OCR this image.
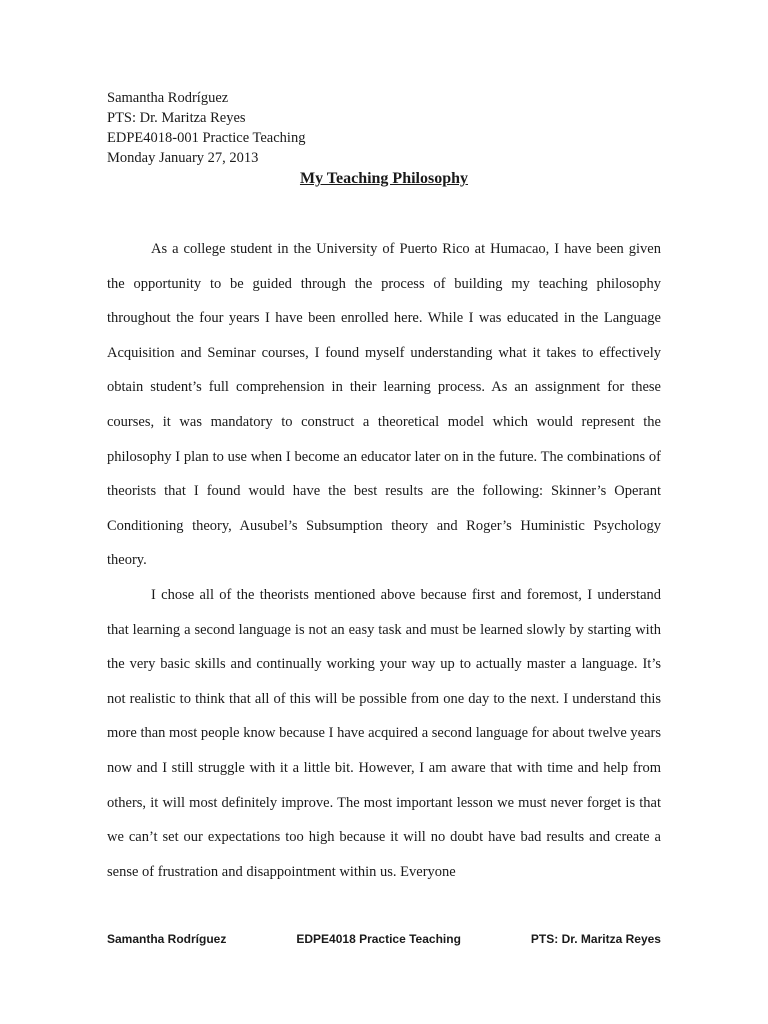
Samantha Rodríguez
PTS: Dr. Maritza Reyes
EDPE4018-001 Practice Teaching
Monday January 27, 2013
My Teaching Philosophy

As a college student in the University of Puerto Rico at Humacao, I have been given the opportunity to be guided through the process of building my teaching philosophy throughout the four years I have been enrolled here. While I was educated in the Language Acquisition and Seminar courses, I found myself understanding what it takes to effectively obtain student’s full comprehension in their learning process. As an assignment for these courses, it was mandatory to construct a theoretical model which would represent the philosophy I plan to use when I become an educator later on in the future. The combinations of theorists that I found would have the best results are the following: Skinner’s Operant Conditioning theory, Ausubel’s Subsumption theory and Roger’s Huministic Psychology theory.

I chose all of the theorists mentioned above because first and foremost, I understand that learning a second language is not an easy task and must be learned slowly by starting with the very basic skills and continually working your way up to actually master a language. It’s not realistic to think that all of this will be possible from one day to the next. I understand this more than most people know because I have acquired a second language for about twelve years now and I still struggle with it a little bit. However, I am aware that with time and help from others, it will most definitely improve. The most important lesson we must never forget is that we can’t set our expectations too high because it will no doubt have bad results and create a sense of frustration and disappointment within us. Everyone

Samantha Rodríguez	EDPE4018 Practice Teaching	PTS: Dr. Maritza Reyes
